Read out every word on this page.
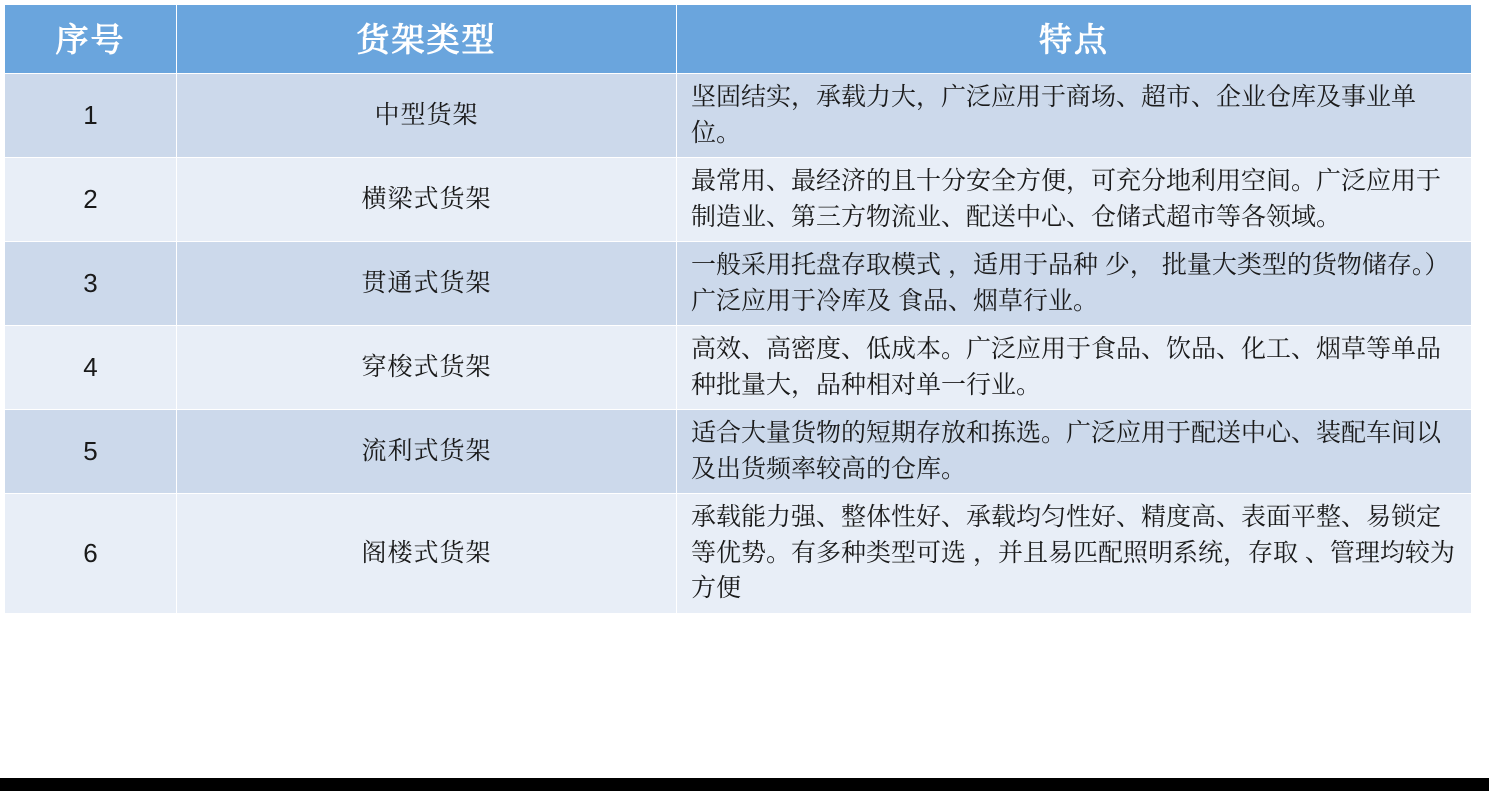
序号	货架类型	特点
1	中型货架	坚固结实，承载力大，广泛应用于商场、超市、企业仓库及事业单位。

2	横梁式货架	最常用、最经济的且十分安全方便，可充分地利用空间。广泛应用于制造业、第三方物流业、配送中心、仓储式超市等各领域。

3	贯通式货架	一般采用托盘存取模式 ，适用于品种 少， 批量大类型的货物储存。） 广泛应用于冷库及 食品、烟草行业。

4	穿梭式货架	高效、高密度、低成本。广泛应用于食品、饮品、化工、烟草等单品种批量大，品种相对单一行业。

5	流利式货架	适合大量货物的短期存放和拣选。广泛应用于配送中心、装配车间以及出货频率较高的仓库。

6	阁楼式货架	承载能力强、整体性好、承载均匀性好、精度高、表面平整、易锁定等优势。有多种类型可选 ，并且易匹配照明系统，存取 、管理均较为方便
